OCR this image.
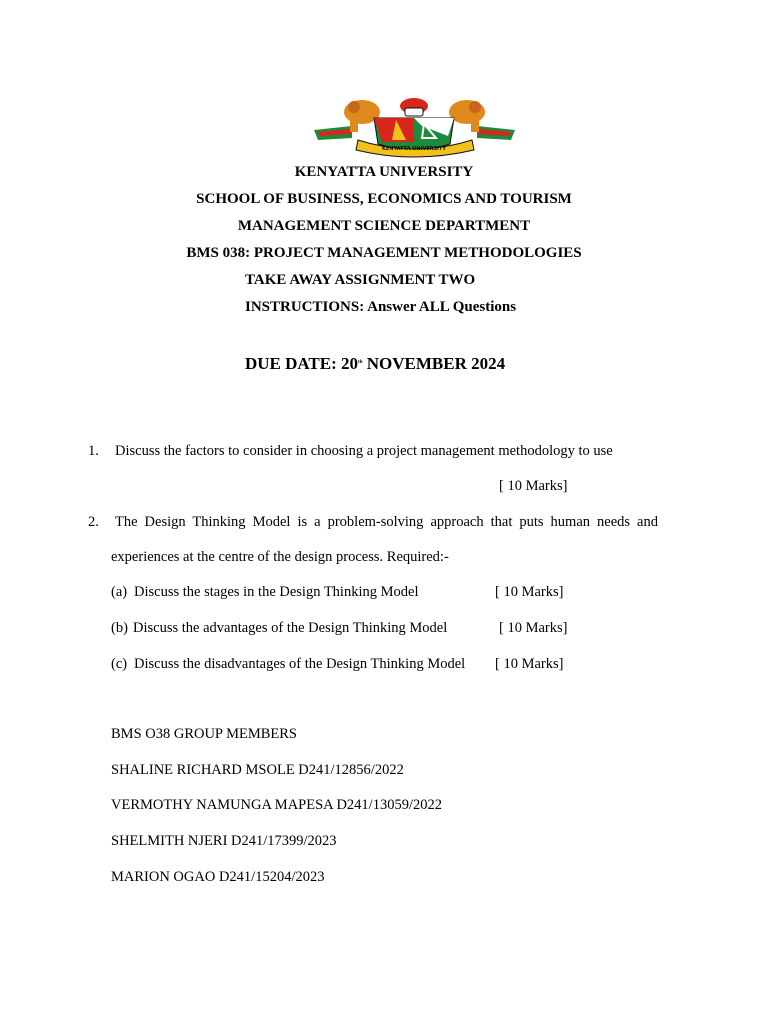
KENYATTA UNIVERSITY
KENYATTA UNIVERSITY
SCHOOL OF BUSINESS, ECONOMICS AND TOURISM
MANAGEMENT SCIENCE DEPARTMENT
BMS 038: PROJECT MANAGEMENT METHODOLOGIES
TAKE AWAY ASSIGNMENT TWO
INSTRUCTIONS: Answer ALL Questions
DUE DATE: 20th NOVEMBER 2024
1. Discuss the factors to consider in choosing a project management methodology to use
[ 10 Marks]
2. The Design Thinking Model is a problem-solving approach that puts human needs and
experiences at the centre of the design process. Required:-
(a) Discuss the stages in the Design Thinking Model	[ 10 Marks]
(b) Discuss the advantages of the Design Thinking Model	[ 10 Marks]
(c) Discuss the disadvantages of the Design Thinking Model [ 10 Marks]
BMS O38 GROUP MEMBERS
SHALINE RICHARD MSOLE D241/12856/2022
VERMOTHY NAMUNGA MAPESA D241/13059/2022
SHELMITH NJERI D241/17399/2023
MARION OGAO D241/15204/2023
